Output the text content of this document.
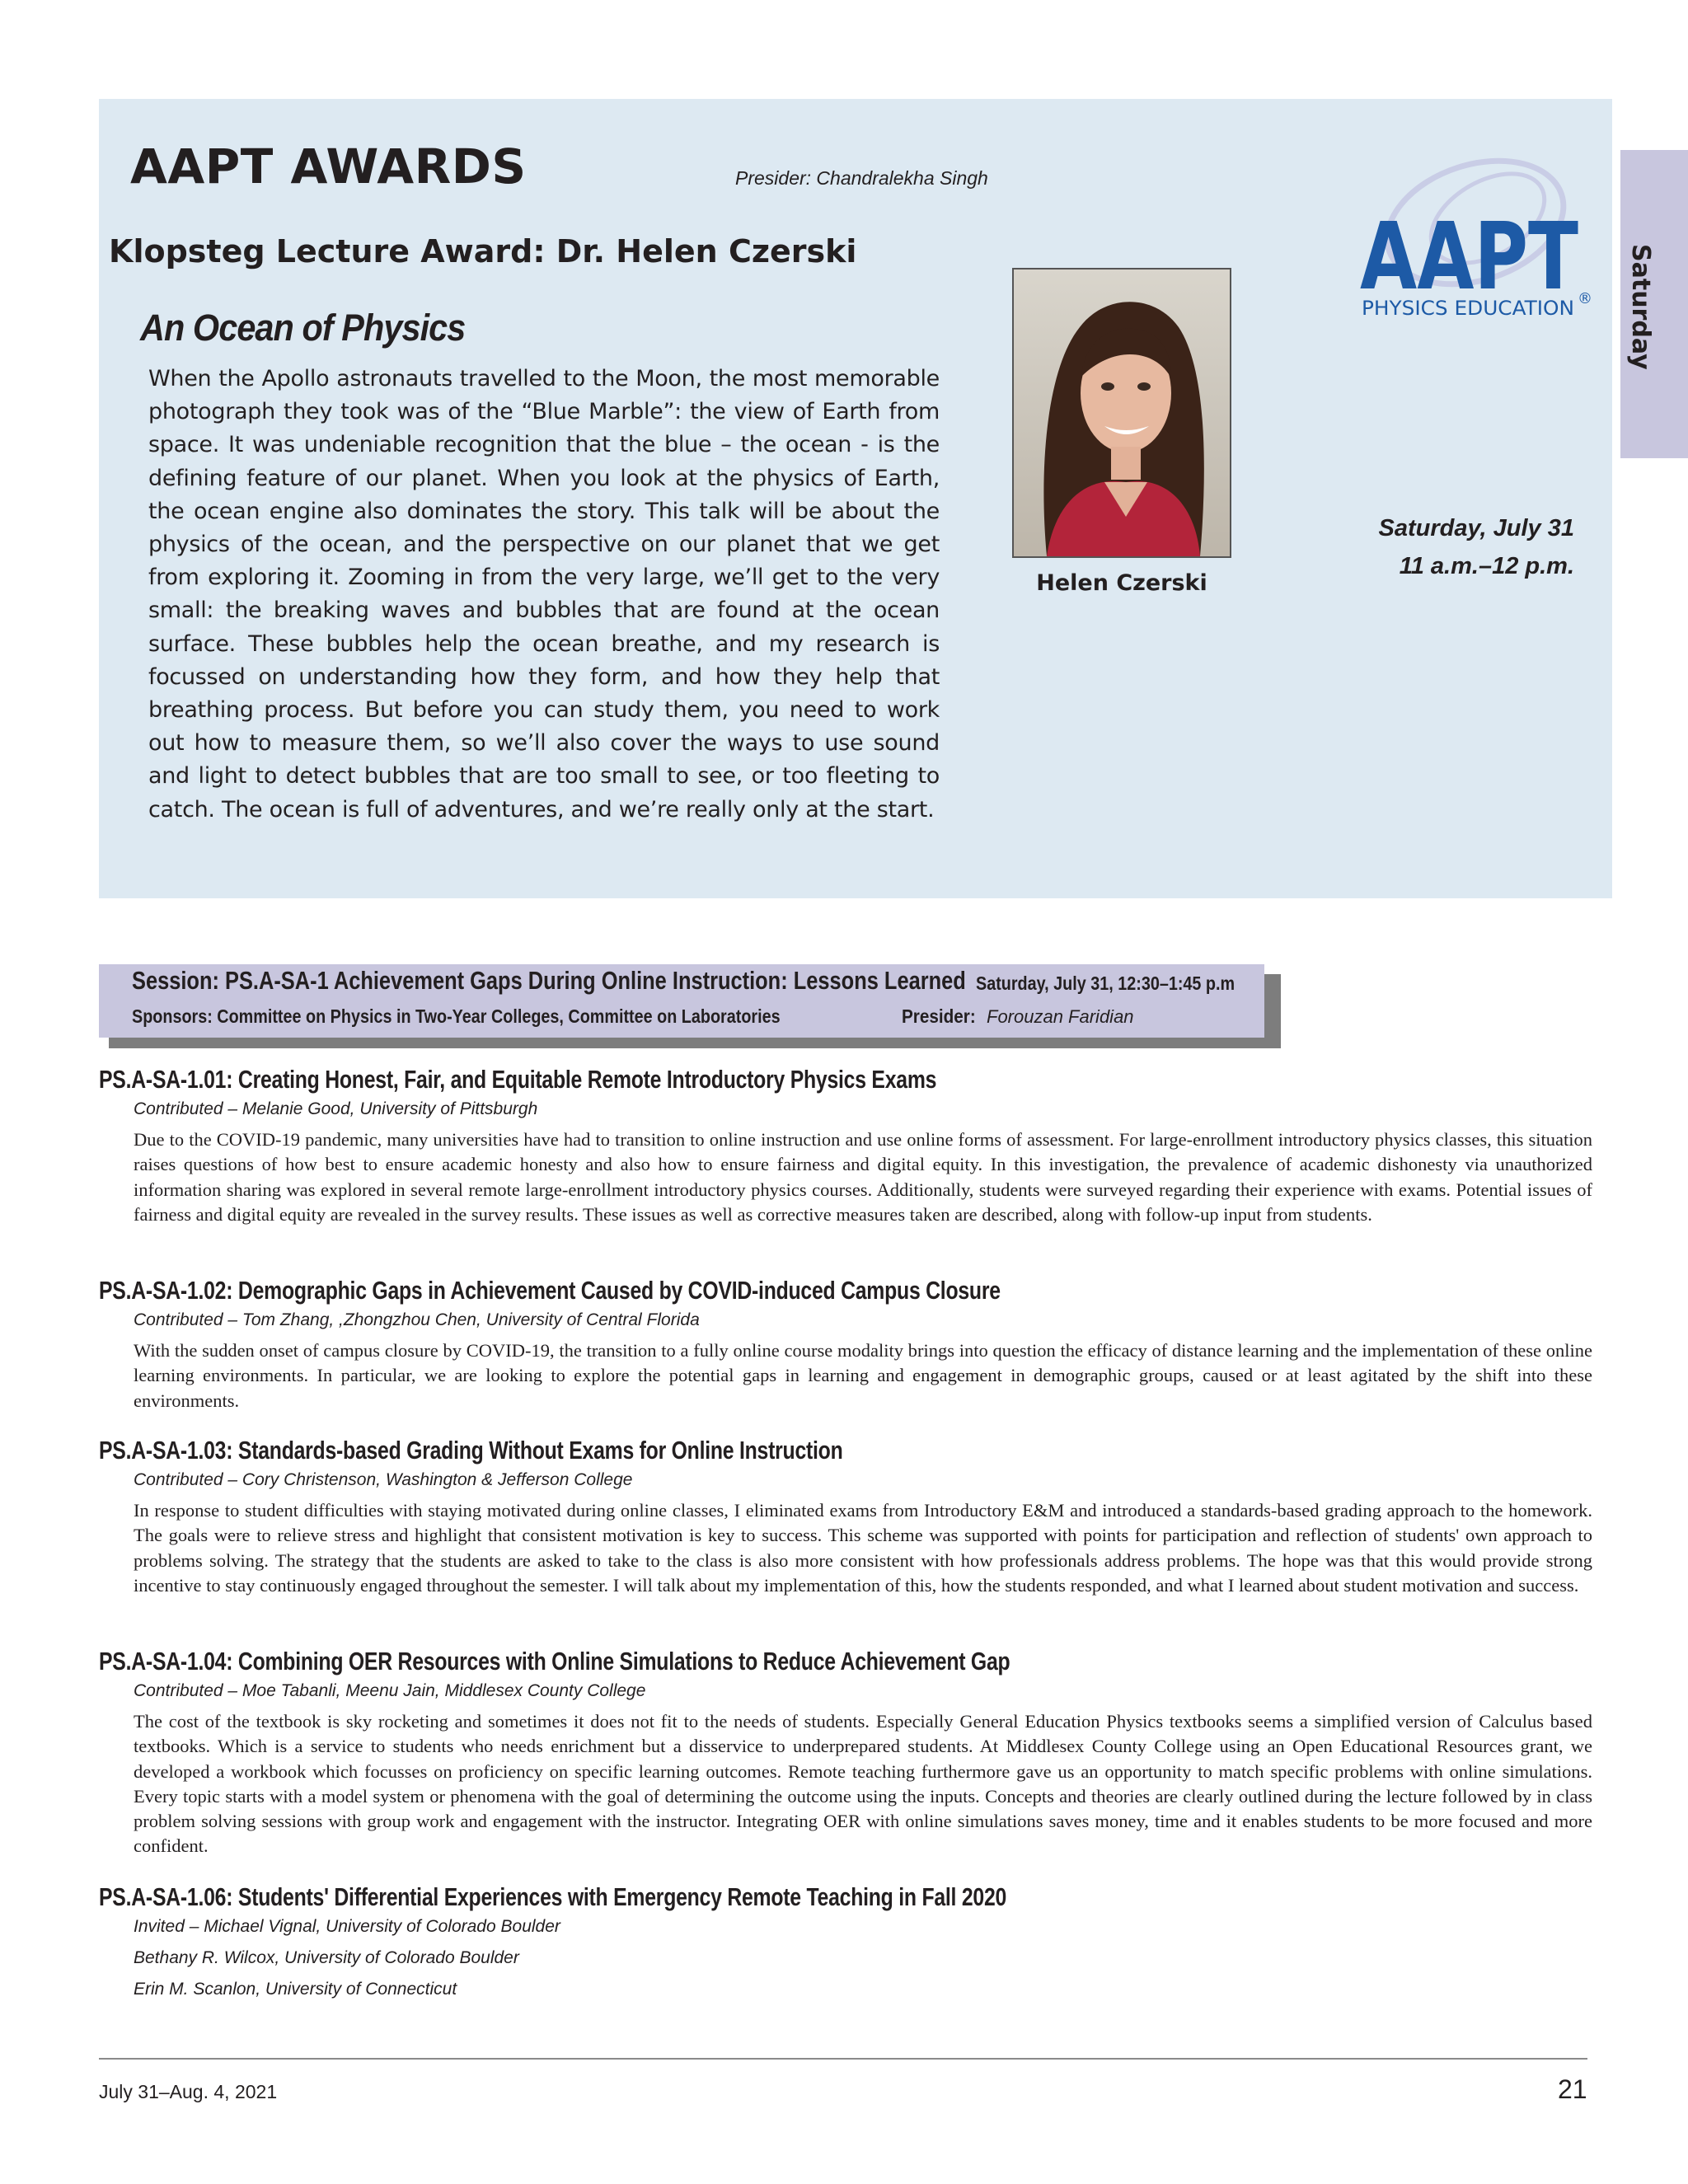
AAPT AWARDS	Presider: Chandralekha Singh
Klopsteg Lecture Award: Dr. Helen Czerski
An Ocean of Physics

When the Apollo astronauts travelled to the Moon, the most memorable photograph they took was of the “Blue Marble”: the view of Earth from space. It was undeniable recognition that the blue – the ocean - is the defining feature of our planet. When you look at the physics of Earth, the ocean engine also dominates the story. This talk will be about the physics of the ocean, and the perspective on our planet that we get from exploring it. Zooming in from the very large, we’ll get to the very small: the breaking waves and bubbles that are found at the ocean surface. These bubbles help the ocean breathe, and my research is focussed on understanding how they form, and how they help that breathing process. But before you can study them, you need to work out how to measure them, so we’ll also cover the ways to use sound and light to detect bubbles that are too small to see, or too fleeting to catch. The ocean is full of adventures, and we’re really only at the start.

Helen Czerski
AAPT
PHYSICS EDUCATION ®
Saturday, July 31
11 a.m.–12 p.m.
Saturday
Session: PS.A-SA-1 Achievement Gaps During Online Instruction: Lessons Learned Saturday, July 31, 12:30–1:45 p.m
Sponsors: Committee on Physics in Two-Year Colleges, Committee on Laboratories	Presider: Forouzan Faridian
PS.A-SA-1.01: Creating Honest, Fair, and Equitable Remote Introductory Physics Exams
Contributed – Melanie Good, University of Pittsburgh

Due to the COVID-19 pandemic, many universities have had to transition to online instruction and use online forms of assessment. For large-enrollment introductory physics classes, this situation raises questions of how best to ensure academic honesty and also how to ensure fairness and digital equity. In this investigation, the prevalence of academic dishonesty via unauthorized information sharing was explored in several remote large-enrollment introductory physics courses. Additionally, students were surveyed regarding their experience with exams. Potential issues of fairness and digital equity are revealed in the survey results. These issues as well as corrective measures taken are described, along with follow-up input from students.

PS.A-SA-1.02: Demographic Gaps in Achievement Caused by COVID-induced Campus Closure
Contributed – Tom Zhang, ,Zhongzhou Chen, University of Central Florida

With the sudden onset of campus closure by COVID-19, the transition to a fully online course modality brings into question the efficacy of distance learning and the implementation of these online learning environments. In particular, we are looking to explore the potential gaps in learning and engagement in demographic groups, caused or at least agitated by the shift into these environments.

PS.A-SA-1.03: Standards-based Grading Without Exams for Online Instruction
Contributed – Cory Christenson, Washington & Jefferson College

In response to student difficulties with staying motivated during online classes, I eliminated exams from Introductory E&M and introduced a standards-based grading approach to the homework. The goals were to relieve stress and highlight that consistent motivation is key to success. This scheme was supported with points for participation and reflection of students' own approach to problems solving. The strategy that the students are asked to take to the class is also more consistent with how professionals address problems. The hope was that this would provide strong incentive to stay continuously engaged throughout the semester. I will talk about my implementation of this, how the students responded, and what I learned about student motivation and success.

PS.A-SA-1.04: Combining OER Resources with Online Simulations to Reduce Achievement Gap
Contributed – Moe Tabanli, Meenu Jain, Middlesex County College

The cost of the textbook is sky rocketing and sometimes it does not fit to the needs of students. Especially General Education Physics textbooks seems a simplified version of Calculus based textbooks. Which is a service to students who needs enrichment but a disservice to underprepared students. At Middlesex County College using an Open Educational Resources grant, we developed a workbook which focusses on proficiency on specific learning outcomes. Remote teaching furthermore gave us an opportunity to match specific problems with online simulations. Every topic starts with a model system or phenomena with the goal of determining the outcome using the inputs. Concepts and theories are clearly outlined during the lecture followed by in class problem solving sessions with group work and engagement with the instructor. Integrating OER with online simulations saves money, time and it enables students to be more focused and more confident.

PS.A-SA-1.06: Students' Differential Experiences with Emergency Remote Teaching in Fall 2020
Invited – Michael Vignal, University of Colorado Boulder
Bethany R. Wilcox, University of Colorado Boulder
Erin M. Scanlon, University of Connecticut
July 31–Aug. 4, 2021	21
